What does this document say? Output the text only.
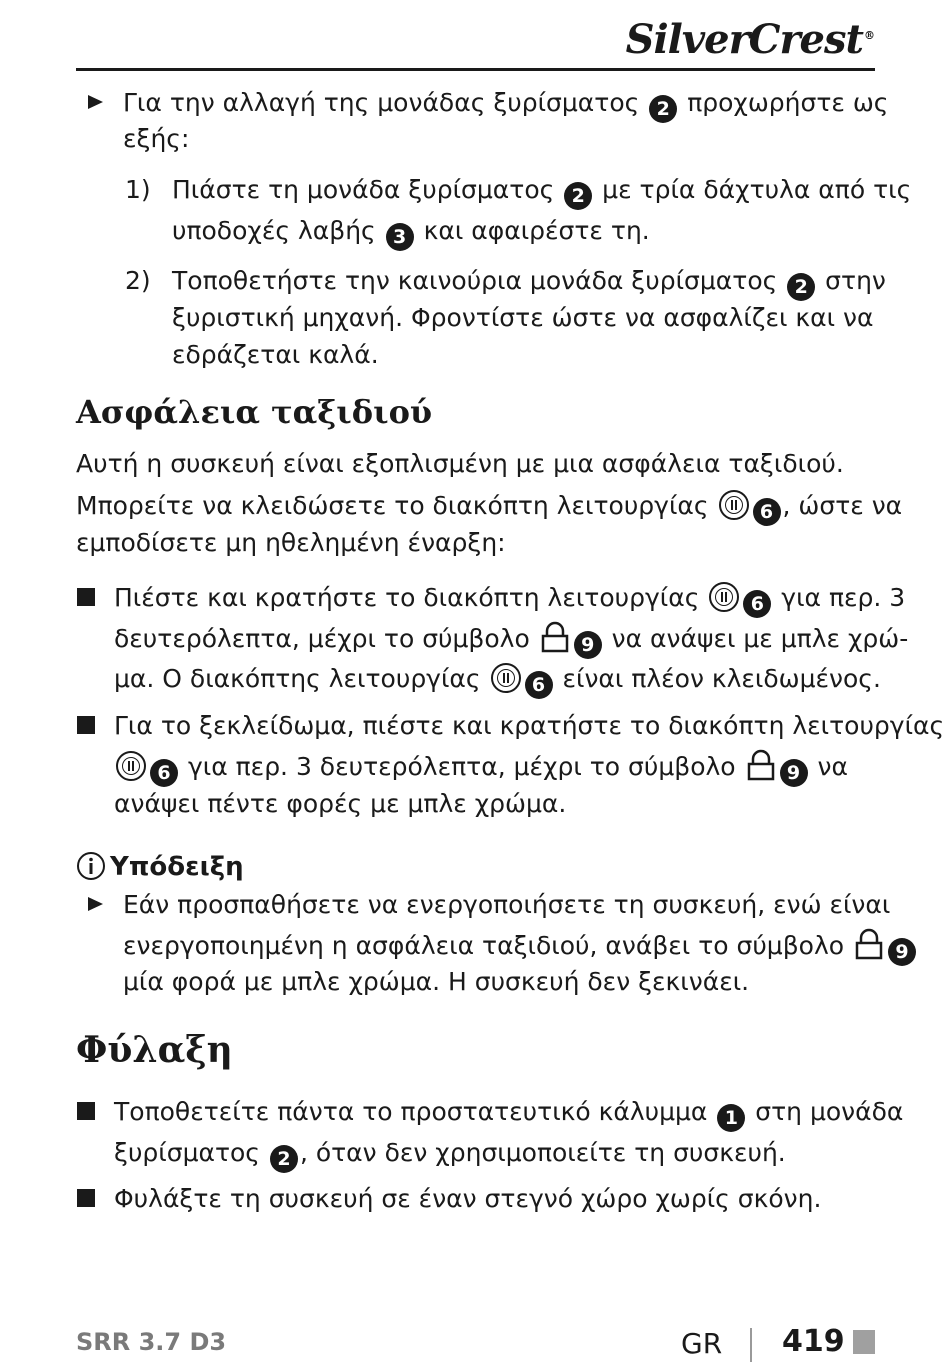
SilverCrest®
Για την αλλαγή της μονάδας ξυρίσματος 2 προχωρήστε ως
εξής:
1) Πιάστε τη μονάδα ξυρίσματος 2 με τρία δάχτυλα από τις
υποδοχές λαβής 3 και αφαιρέστε τη.
2) Τοποθετήστε την καινούρια μονάδα ξυρίσματος 2 στην
ξυριστική μηχανή. Φροντίστε ώστε να ασφαλίζει και να
εδράζεται καλά.
Ασφάλεια ταξιδιού
Αυτή η συσκευή είναι εξοπλισμένη με μια ασφάλεια ταξιδιού.
Μπορείτε να κλειδώσετε το διακόπτη λειτουργίας 6 , ώστε να
εμποδίσετε μη ηθελημένη έναρξη:
Πιέστε και κρατήστε το διακόπτη λειτουργίας 6 για περ. 3
δευτερόλεπτα, μέχρι το σύμβολο 9 να ανάψει με μπλε χρώ-
μα. Ο διακόπτης λειτουργίας 6 είναι πλέον κλειδωμένος.
Για το ξεκλείδωμα, πιέστε και κρατήστε το διακόπτη λειτουργίας
6 για περ. 3 δευτερόλεπτα, μέχρι το σύμβολο 9 να
ανάψει πέντε φορές με μπλε χρώμα.
Υπόδειξη
Εάν προσπαθήσετε να ενεργοποιήσετε τη συσκευή, ενώ είναι
ενεργοποιημένη η ασφάλεια ταξιδιού, ανάβει το σύμβολο 9
μία φορά με μπλε χρώμα. Η συσκευή δεν ξεκινάει.
Φύλαξη
Τοποθετείτε πάντα το προστατευτικό κάλυμμα 1 στη μονάδα
ξυρίσματος 2 , όταν δεν χρησιμοποιείτε τη συσκευή.
Φυλάξτε τη συσκευή σε έναν στεγνό χώρο χωρίς σκόνη.
SRR 3.7 D3	GR 419
